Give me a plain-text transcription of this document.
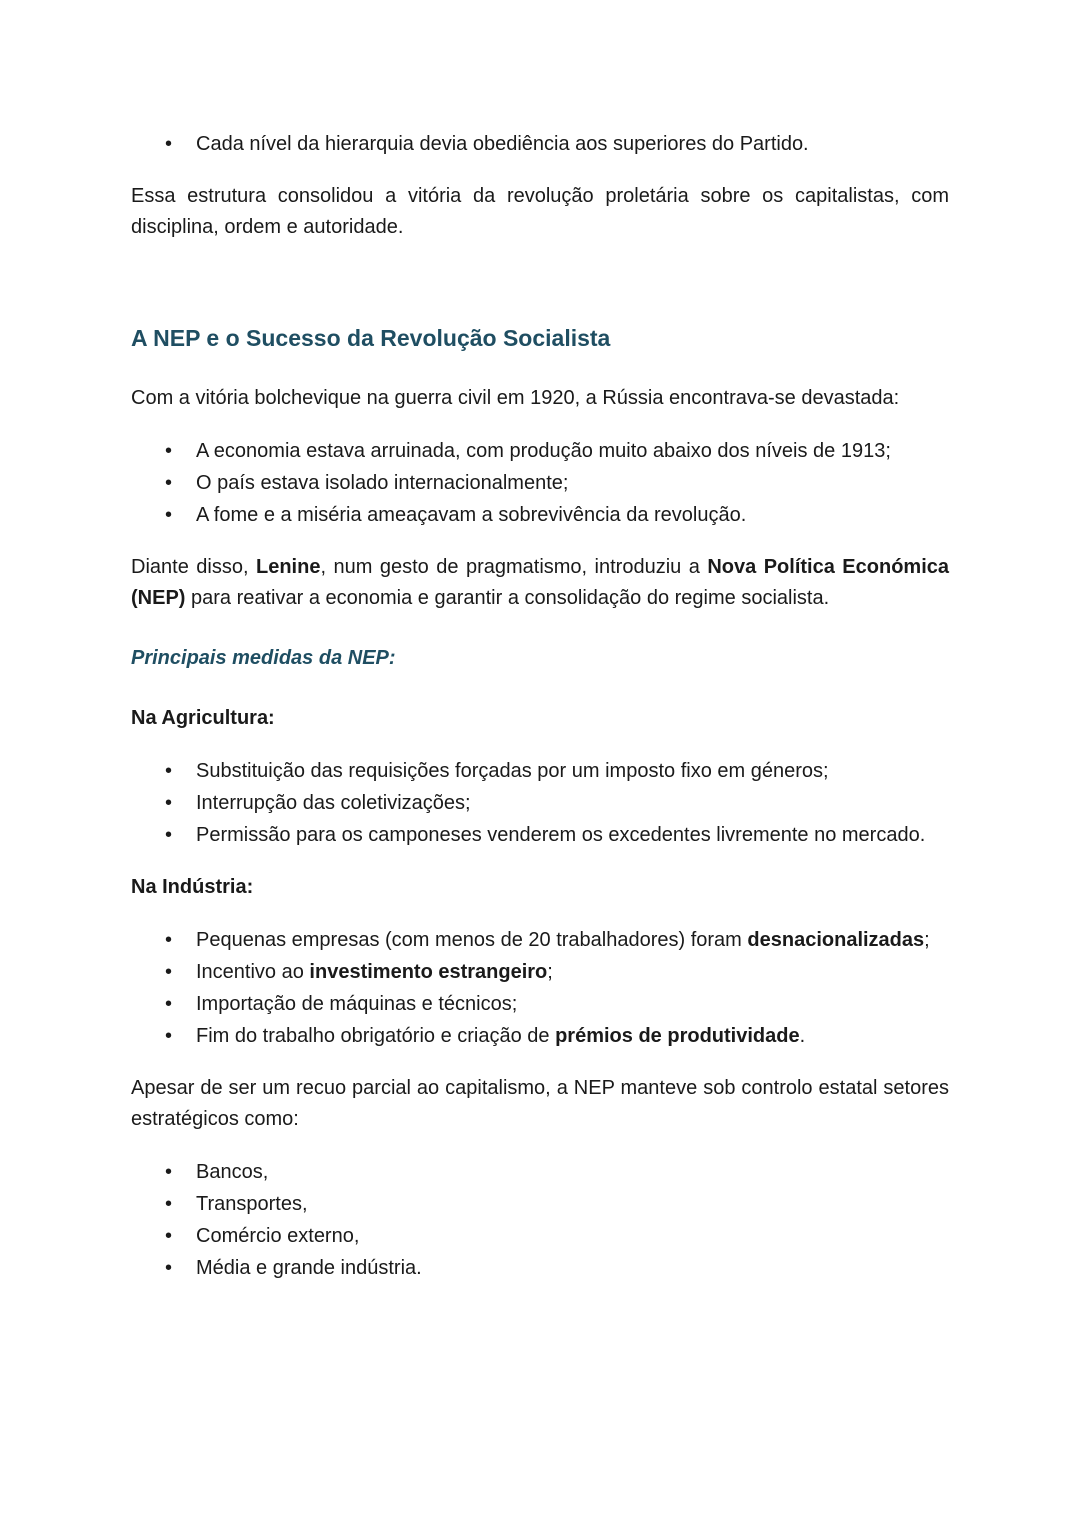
• Cada nível da hierarquia devia obediência aos superiores do Partido.

Essa estrutura consolidou a vitória da revolução proletária sobre os capitalistas, com disciplina, ordem e autoridade.

A NEP e o Sucesso da Revolução Socialista

Com a vitória bolchevique na guerra civil em 1920, a Rússia encontrava-se devastada:

• A economia estava arruinada, com produção muito abaixo dos níveis de 1913;
• O país estava isolado internacionalmente;
• A fome e a miséria ameaçavam a sobrevivência da revolução.

Diante disso, Lenine, num gesto de pragmatismo, introduziu a Nova Política Económica (NEP) para reativar a economia e garantir a consolidação do regime socialista.

Principais medidas da NEP:
Na Agricultura:
• Substituição das requisições forçadas por um imposto fixo em géneros;
• Interrupção das coletivizações;
• Permissão para os camponeses venderem os excedentes livremente no mercado.
Na Indústria:
• Pequenas empresas (com menos de 20 trabalhadores) foram desnacionalizadas;
• Incentivo ao investimento estrangeiro;
• Importação de máquinas e técnicos;
• Fim do trabalho obrigatório e criação de prémios de produtividade.

Apesar de ser um recuo parcial ao capitalismo, a NEP manteve sob controlo estatal setores estratégicos como:

• Bancos,
• Transportes,
• Comércio externo,
• Média e grande indústria.
